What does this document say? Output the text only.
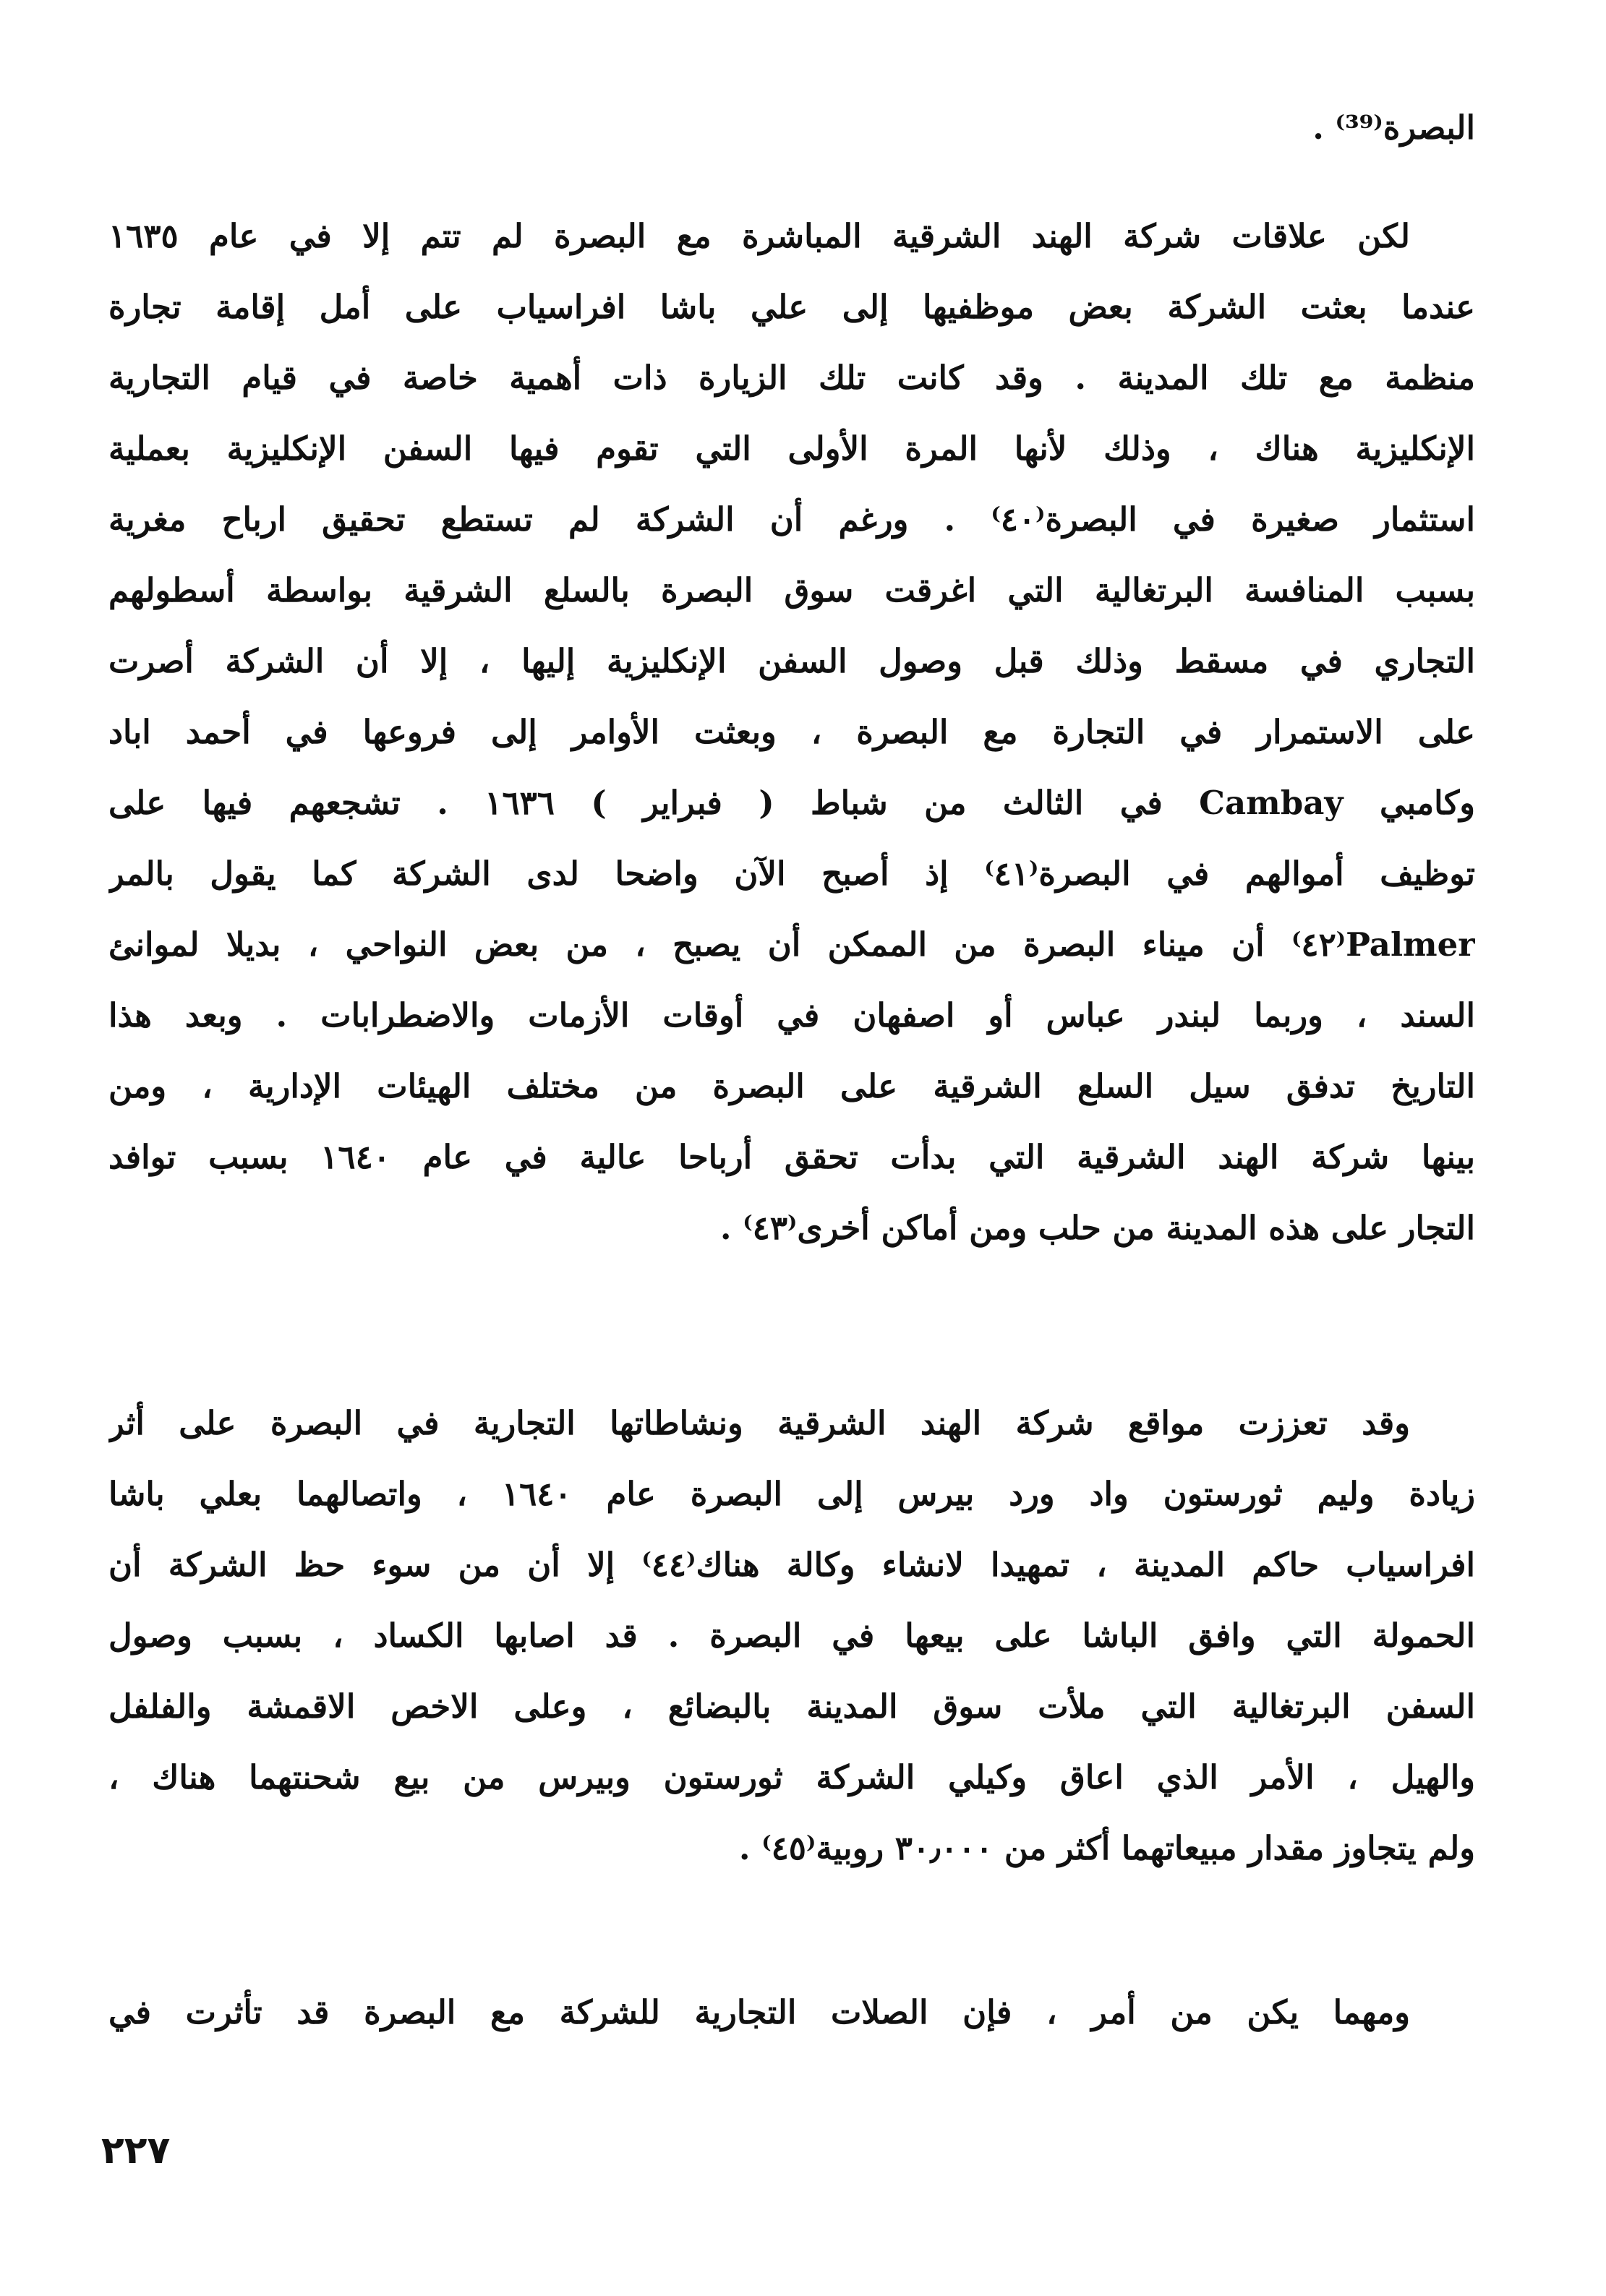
البصرة⁽³⁹⁾ .
لكن علاقات شركة الهند الشرقية المباشرة مع البصرة لم تتم إلا في عام ١٦٣٥
عندما بعثت الشركة بعض موظفيها إلى علي باشا افراسياب على أمل إقامة تجارة
منظمة مع تلك المدينة . وقد كانت تلك الزيارة ذات أهمية خاصة في قيام التجارية
الإنكليزية هناك ، وذلك لأنها المرة الأولى التي تقوم فيها السفن الإنكليزية بعملية
استثمار صغيرة في البصرة⁽٤٠⁾ . ورغم أن الشركة لم تستطع تحقيق ارباح مغرية
بسبب المنافسة البرتغالية التي اغرقت سوق البصرة بالسلع الشرقية بواسطة أسطولهم
التجاري في مسقط وذلك قبل وصول السفن الإنكليزية إليها ، إلا أن الشركة أصرت
على الاستمرار في التجارة مع البصرة ، وبعثت الأوامر إلى فروعها في أحمد اباد
وكامبي Cambay في الثالث من شباط ( فبراير ) ١٦٣٦ . تشجعهم فيها على
توظيف أموالهم في البصرة⁽٤١⁾ إذ أصبح الآن واضحا لدى الشركة كما يقول بالمر
Palmer⁽٤٢⁾ أن ميناء البصرة من الممكن أن يصبح ، من بعض النواحي ، بديلا لموانئ
السند ، وربما لبندر عباس أو اصفهان في أوقات الأزمات والاضطرابات . وبعد هذا
التاريخ تدفق سيل السلع الشرقية على البصرة من مختلف الهيئات الإدارية ، ومن
بينها شركة الهند الشرقية التي بدأت تحقق أرباحا عالية في عام ١٦٤٠ بسبب توافد
التجار على هذه المدينة من حلب ومن أماكن أخرى⁽٤٣⁾ .
وقد تعززت مواقع شركة الهند الشرقية ونشاطاتها التجارية في البصرة على أثر
زيادة وليم ثورستون واد ورد بيرس إلى البصرة عام ١٦٤٠ ، واتصالهما بعلي باشا
افراسياب حاكم المدينة ، تمهيدا لانشاء وكالة هناك⁽٤٤⁾ إلا أن من سوء حظ الشركة أن
الحمولة التي وافق الباشا على بيعها في البصرة . قد اصابها الكساد ، بسبب وصول
السفن البرتغالية التي ملأت سوق المدينة بالبضائع ، وعلى الاخص الاقمشة والفلفل
والهيل ، الأمر الذي اعاق وكيلي الشركة ثورستون وبيرس من بيع شحنتهما هناك ،
ولم يتجاوز مقدار مبيعاتهما أكثر من ٣٠٫٠٠٠ روبية⁽٤٥⁾ .
ومهما يكن من أمر ، فإن الصلات التجارية للشركة مع البصرة قد تأثرت في
٢٢٧
